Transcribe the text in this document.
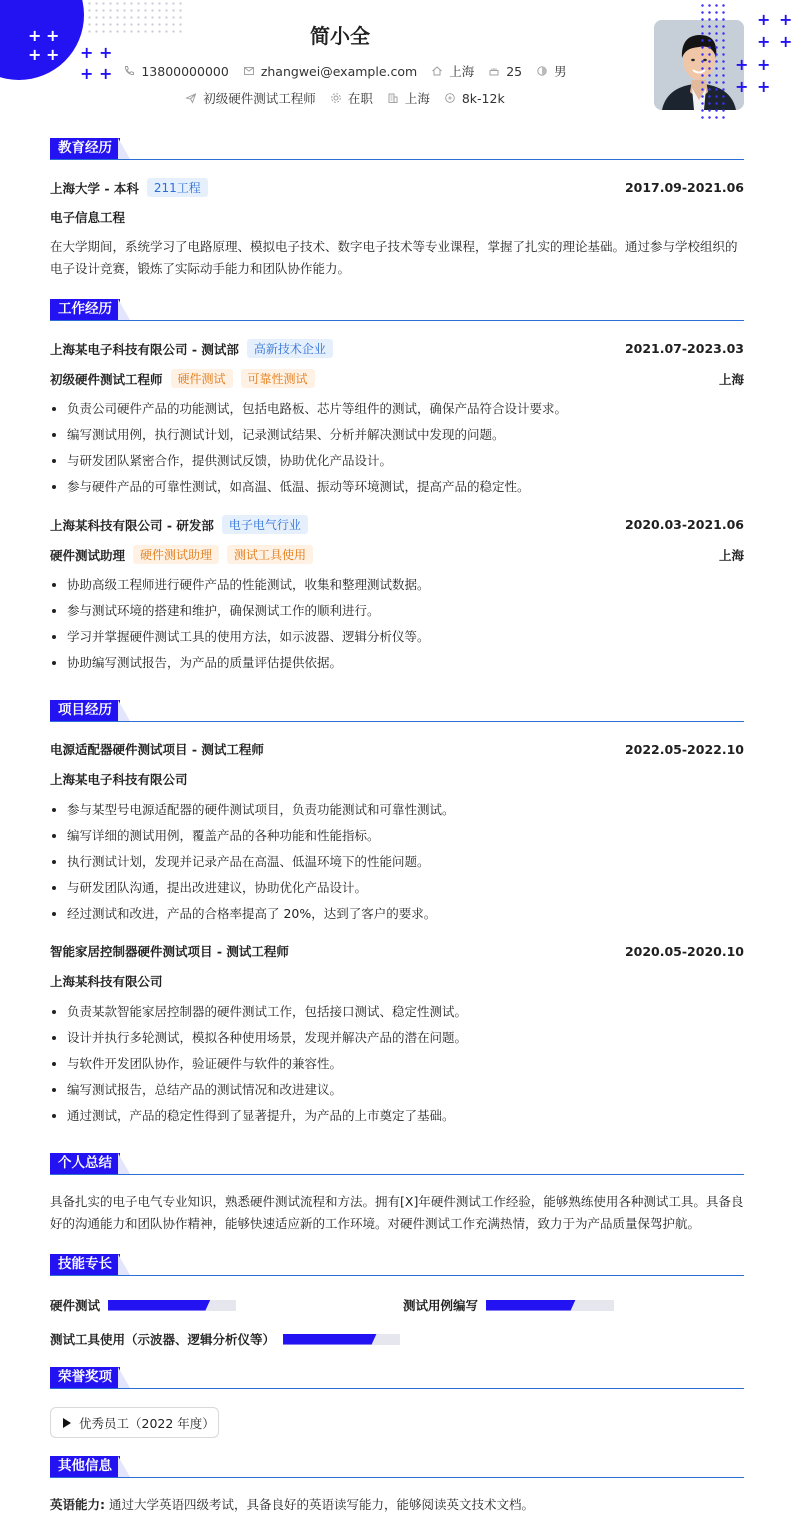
+ +
+ + + +
+ +
+ +
+ +
+ +
+ +
简小全
13800000000	zhangwei@example.com	上海	25	男
初级硬件测试工程师	在职	上海	8k-12k
教育经历
上海大学 - 本科	211工程	2017.09-2021.06
电子信息工程
在大学期间，系统学习了电路原理、模拟电子技术、数字电子技术等专业课程，掌握了扎实的理论基础。通过参与学校组织的电子设计竞赛，锻炼了实际动手能力和团队协作能力。
工作经历
上海某电子科技有限公司 - 测试部	高新技术企业	2021.07-2023.03
初级硬件测试工程师	硬件测试	可靠性测试	上海
负责公司硬件产品的功能测试，包括电路板、芯片等组件的测试，确保产品符合设计要求。
编写测试用例，执行测试计划，记录测试结果、分析并解决测试中发现的问题。
与研发团队紧密合作，提供测试反馈，协助优化产品设计。
参与硬件产品的可靠性测试，如高温、低温、振动等环境测试，提高产品的稳定性。
上海某科技有限公司 - 研发部	电子电气行业	2020.03-2021.06
硬件测试助理	硬件测试助理	测试工具使用	上海
协助高级工程师进行硬件产品的性能测试，收集和整理测试数据。
参与测试环境的搭建和维护，确保测试工作的顺利进行。
学习并掌握硬件测试工具的使用方法，如示波器、逻辑分析仪等。
协助编写测试报告，为产品的质量评估提供依据。
项目经历
电源适配器硬件测试项目 - 测试工程师	2022.05-2022.10
上海某电子科技有限公司
参与某型号电源适配器的硬件测试项目，负责功能测试和可靠性测试。
编写详细的测试用例，覆盖产品的各种功能和性能指标。
执行测试计划，发现并记录产品在高温、低温环境下的性能问题。
与研发团队沟通，提出改进建议，协助优化产品设计。
经过测试和改进，产品的合格率提高了 20%，达到了客户的要求。
智能家居控制器硬件测试项目 - 测试工程师	2020.05-2020.10
上海某科技有限公司
负责某款智能家居控制器的硬件测试工作，包括接口测试、稳定性测试。
设计并执行多轮测试，模拟各种使用场景，发现并解决产品的潜在问题。
与软件开发团队协作，验证硬件与软件的兼容性。
编写测试报告，总结产品的测试情况和改进建议。
通过测试，产品的稳定性得到了显著提升，为产品的上市奠定了基础。
个人总结
具备扎实的电子电气专业知识，熟悉硬件测试流程和方法。拥有[X]年硬件测试工作经验，能够熟练使用各种测试工具。具备良好的沟通能力和团队协作精神，能够快速适应新的工作环境。对硬件测试工作充满热情，致力于为产品质量保驾护航。
技能专长
硬件测试	测试用例编写
测试工具使用（示波器、逻辑分析仪等）
荣誉奖项
优秀员工（2022 年度）
其他信息
英语能力: 通过大学英语四级考试，具备良好的英语读写能力，能够阅读英文技术文档。
